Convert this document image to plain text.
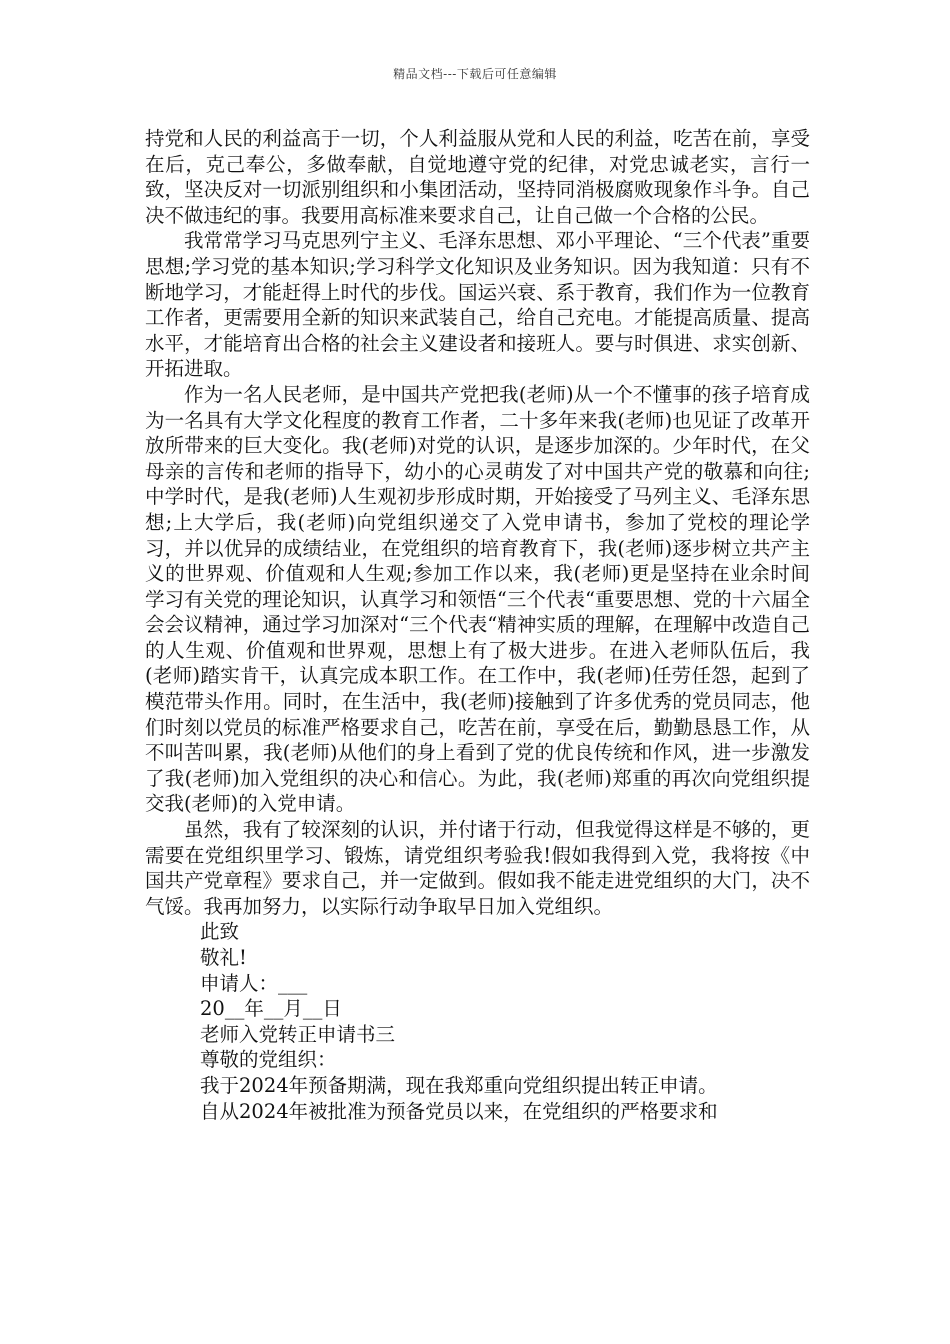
精品文档---下载后可任意编辑

持党和人民的利益高于一切，个人利益服从党和人民的利益，吃苦在前，享受在后，克己奉公，多做奉献，自觉地遵守党的纪律，对党忠诚老实，言行一致，坚决反对一切派别组织和小集团活动，坚持同消极腐败现象作斗争。自己决不做违纪的事。我要用高标准来要求自己，让自己做一个合格的公民。

我常常学习马克思列宁主义、毛泽东思想、邓小平理论、“三个代表”重要思想;学习党的基本知识;学习科学文化知识及业务知识。因为我知道：只有不断地学习，才能赶得上时代的步伐。国运兴衰、系于教育，我们作为一位教育工作者，更需要用全新的知识来武装自己，给自己充电。才能提高质量、提高水平，才能培育出合格的社会主义建设者和接班人。要与时俱进、求实创新、开拓进取。

作为一名人民老师，是中国共产党把我(老师)从一个不懂事的孩子培育成为一名具有大学文化程度的教育工作者，二十多年来我(老师)也见证了改革开放所带来的巨大变化。我(老师)对党的认识，是逐步加深的。少年时代，在父母亲的言传和老师的指导下，幼小的心灵萌发了对中国共产党的敬慕和向往;中学时代，是我(老师)人生观初步形成时期，开始接受了马列主义、毛泽东思想;上大学后，我(老师)向党组织递交了入党申请书，参加了党校的理论学习，并以优异的成绩结业，在党组织的培育教育下，我(老师)逐步树立共产主义的世界观、价值观和人生观;参加工作以来，我(老师)更是坚持在业余时间学习有关党的理论知识，认真学习和领悟“三个代表“重要思想、党的十六届全会会议精神，通过学习加深对“三个代表“精神实质的理解，在理解中改造自己的人生观、价值观和世界观，思想上有了极大进步。在进入老师队伍后，我(老师)踏实肯干，认真完成本职工作。在工作中，我(老师)任劳任怨，起到了模范带头作用。同时，在生活中，我(老师)接触到了许多优秀的党员同志，他们时刻以党员的标准严格要求自己，吃苦在前，享受在后，勤勤恳恳工作，从不叫苦叫累，我(老师)从他们的身上看到了党的优良传统和作风，进一步激发了我(老师)加入党组织的决心和信心。为此，我(老师)郑重的再次向党组织提交我(老师)的入党申请。

虽然，我有了较深刻的认识，并付诸于行动，但我觉得这样是不够的，更需要在党组织里学习、锻炼，请党组织考验我!假如我得到入党，我将按《中国共产党章程》要求自己，并一定做到。假如我不能走进党组织的大门，决不气馁。我再加努力，以实际行动争取早日加入党组织。

此致

敬礼!

申请人：___

20__年__月__日

老师入党转正申请书三

尊敬的党组织：

我于2024年预备期满，现在我郑重向党组织提出转正申请。

自从2024年被批准为预备党员以来，在党组织的严格要求和
